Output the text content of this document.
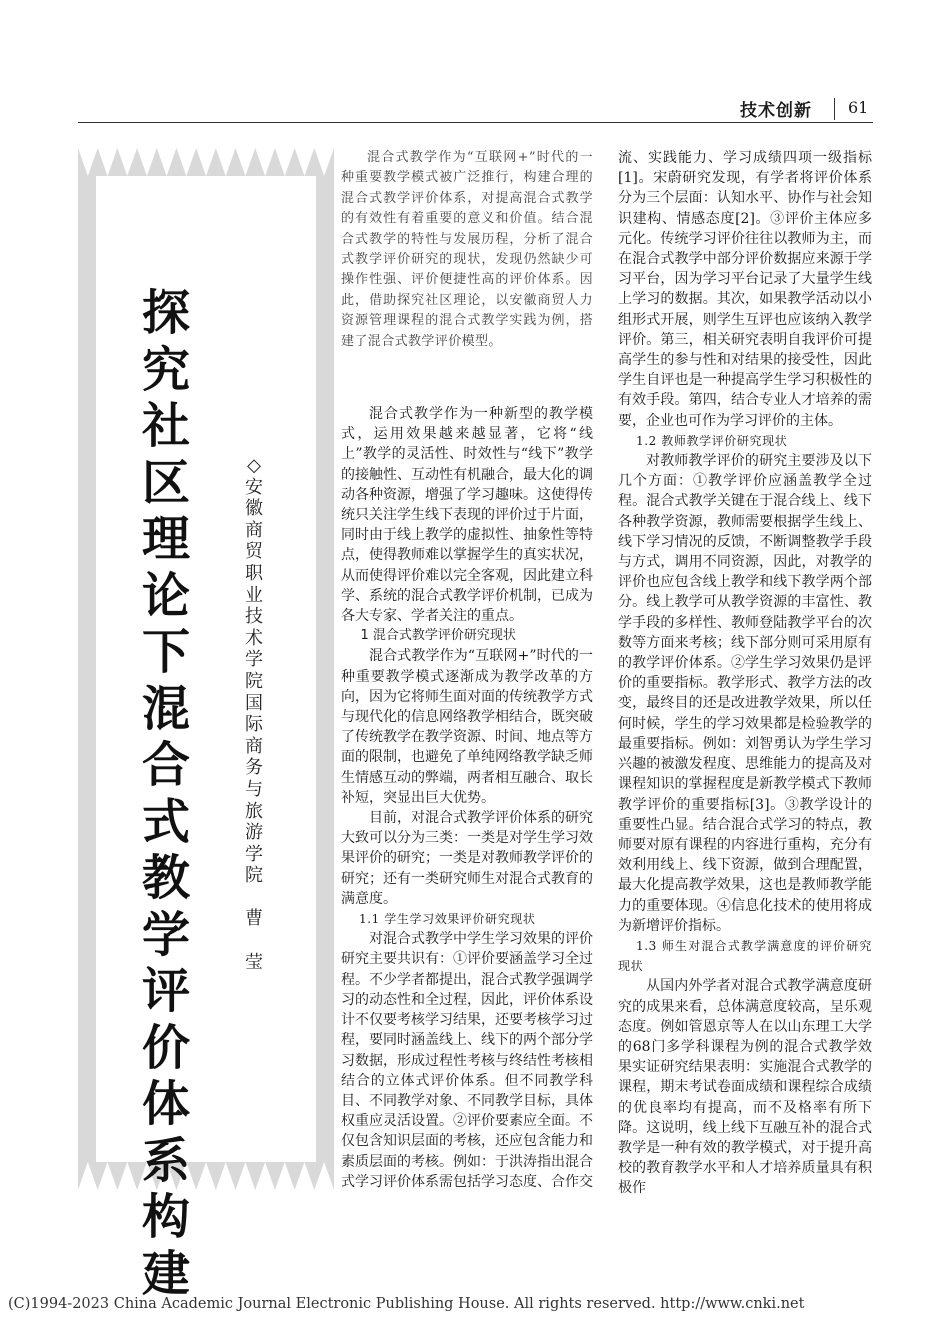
技术创新 61
探
究
社
区
理
论
下
混
合
式
教
学
评
价
体
系
构
建
◇
安
徽
商
贸
职
业
技
术
学
院
国
际
商
务
与
旅
游
学
院

曹

莹

混合式教学作为“互联网+”时代的一种重要教学模式被广泛推行，构建合理的混合式教学评价体系，对提高混合式教学的有效性有着重要的意义和价值。结合混合式教学的特性与发展历程，分析了混合式教学评价研究的现状，发现仍然缺少可操作性强、评价便捷性高的评价体系。因此，借助探究社区理论，以安徽商贸人力资源管理课程的混合式教学实践为例，搭建了混合式教学评价模型。

混合式教学作为一种新型的教学模式，运用效果越来越显著，它将“线上”教学的灵活性、时效性与“线下”教学的接触性、互动性有机融合，最大化的调动各种资源，增强了学习趣味。这使得传统只关注学生线下表现的评价过于片面，同时由于线上教学的虚拟性、抽象性等特点，使得教师难以掌握学生的真实状况，从而使得评价难以完全客观，因此建立科学、系统的混合式教学评价机制，已成为各大专家、学者关注的重点。

1 混合式教学评价研究现状

混合式教学作为“互联网+”时代的一种重要教学模式逐渐成为教学改革的方向，因为它将师生面对面的传统教学方式与现代化的信息网络教学相结合，既突破了传统教学在教学资源、时间、地点等方面的限制，也避免了单纯网络教学缺乏师生情感互动的弊端，两者相互融合、取长补短，突显出巨大优势。

目前，对混合式教学评价体系的研究大致可以分为三类：一类是对学生学习效果评价的研究；一类是对教师教学评价的研究；还有一类研究师生对混合式教育的满意度。

1.1 学生学习效果评价研究现状

对混合式教学中学生学习效果的评价研究主要共识有：①评价要涵盖学习全过程。不少学者都提出，混合式教学强调学习的动态性和全过程，因此，评价体系设计不仅要考核学习结果，还要考核学习过程，要同时涵盖线上、线下的两个部分学习数据，形成过程性考核与终结性考核相结合的立体式评价体系。但不同教学科目、不同教学对象、不同教学目标，具体权重应灵活设置。②评价要素应全面。不仅包含知识层面的考核，还应包含能力和素质层面的考核。例如：于洪涛指出混合式学习评价体系需包括学习态度、合作交

流、实践能力、学习成绩四项一级指标[1]。宋蔚研究发现，有学者将评价体系分为三个层面：认知水平、协作与社会知识建构、情感态度[2]。③评价主体应多元化。传统学习评价往往以教师为主，而在混合式教学中部分评价数据应来源于学习平台，因为学习平台记录了大量学生线上学习的数据。其次，如果教学活动以小组形式开展，则学生互评也应该纳入教学评价。第三，相关研究表明自我评价可提高学生的参与性和对结果的接受性，因此学生自评也是一种提高学生学习积极性的有效手段。第四，结合专业人才培养的需要，企业也可作为学习评价的主体。

1.2 教师教学评价研究现状

对教师教学评价的研究主要涉及以下几个方面：①教学评价应涵盖教学全过程。混合式教学关键在于混合线上、线下各种教学资源，教师需要根据学生线上、线下学习情况的反馈，不断调整教学手段与方式，调用不同资源，因此，对教学的评价也应包含线上教学和线下教学两个部分。线上教学可从教学资源的丰富性、教学手段的多样性、教师登陆教学平台的次数等方面来考核；线下部分则可采用原有的教学评价体系。②学生学习效果仍是评价的重要指标。教学形式、教学方法的改变，最终目的还是改进教学效果，所以任何时候，学生的学习效果都是检验教学的最重要指标。例如：刘智勇认为学生学习兴趣的被激发程度、思维能力的提高及对课程知识的掌握程度是新教学模式下教师教学评价的重要指标[3]。③教学设计的重要性凸显。结合混合式学习的特点，教师要对原有课程的内容进行重构，充分有效利用线上、线下资源，做到合理配置，最大化提高教学效果，这也是教师教学能力的重要体现。④信息化技术的使用将成为新增评价指标。

1.3 师生对混合式教学满意度的评价研究现状

从国内外学者对混合式教学满意度研究的成果来看，总体满意度较高，呈乐观态度。例如管恩京等人在以山东理工大学的68门多学科课程为例的混合式教学效果实证研究结果表明：实施混合式教学的课程，期末考试卷面成绩和课程综合成绩的优良率均有提高，而不及格率有所下降。这说明，线上线下互融互补的混合式教学是一种有效的教学模式，对于提升高校的教育教学水平和人才培养质量具有积极作

(C)1994-2023 China Academic Journal Electronic Publishing House. All rights reserved. http://www.cnki.net
